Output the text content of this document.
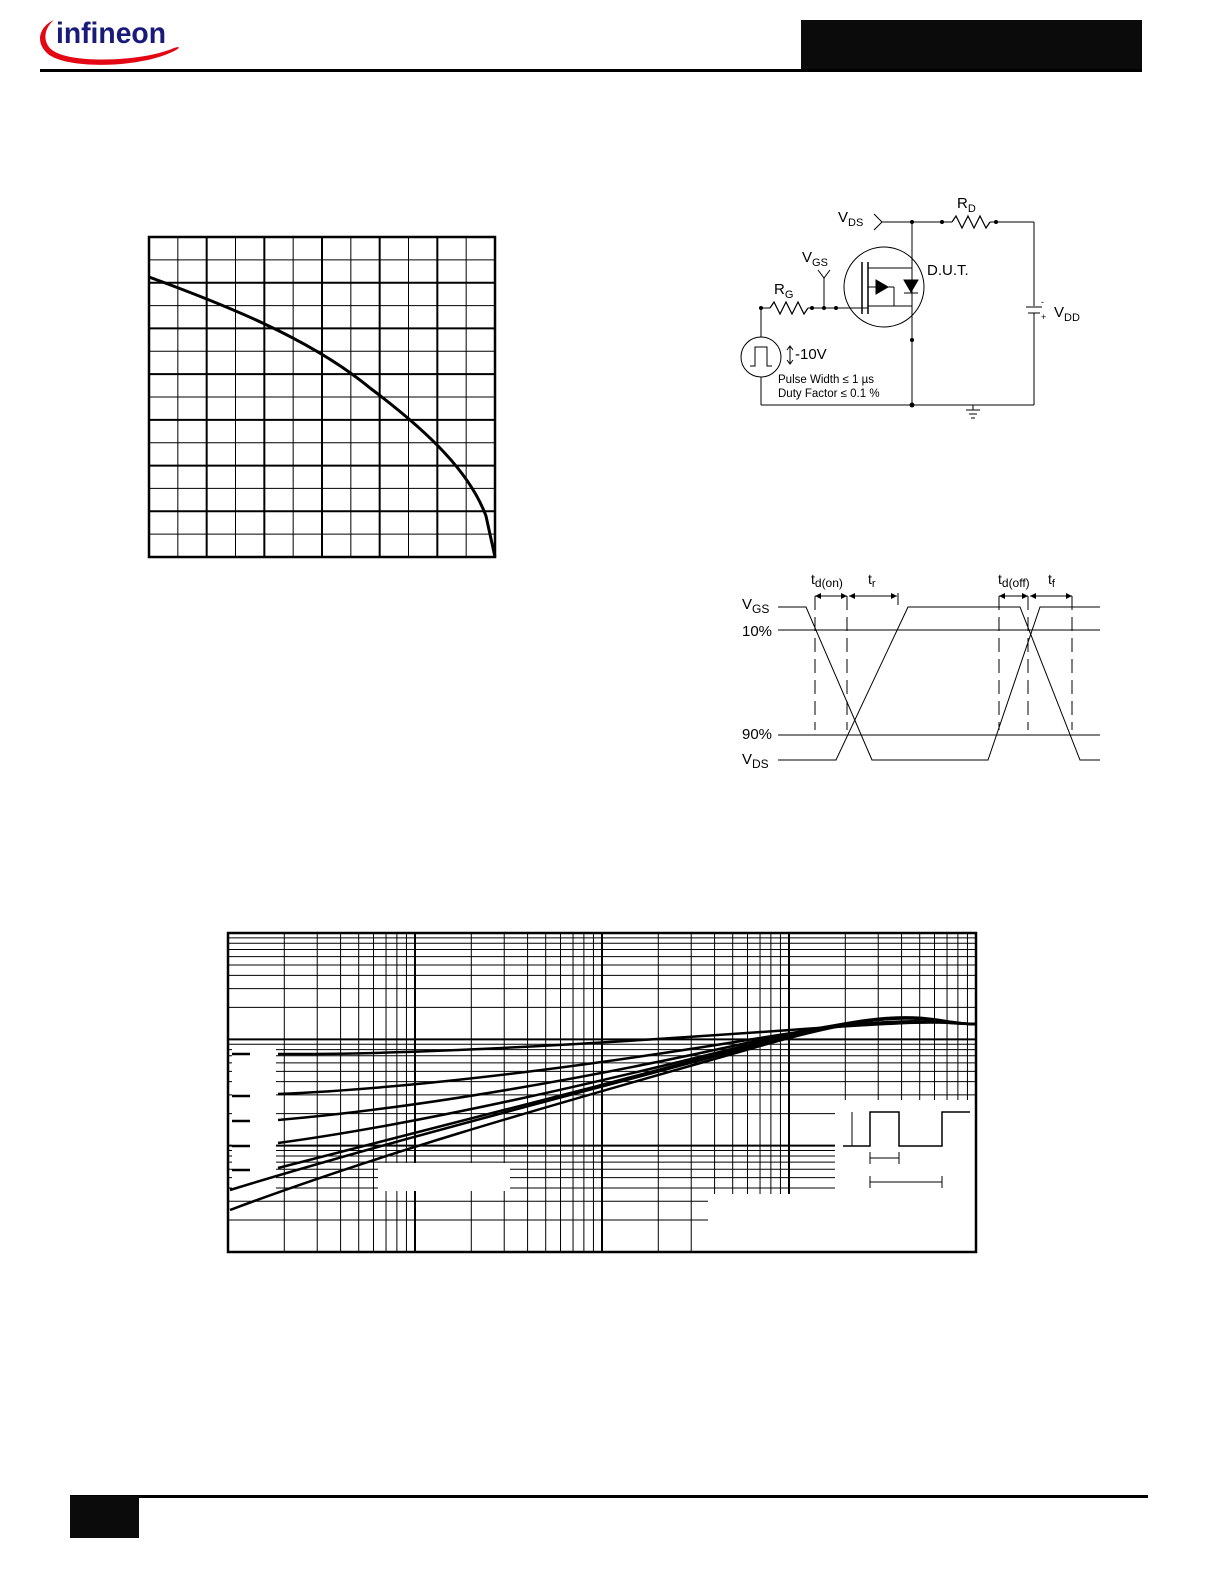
infineon
$R_D$
$V_{DS}$
$V_{GS}$
$R_G$
D.U.T.
$V_{DD}$
-10V
-
+
Pulse Width ≤ 1 µs
Duty Factor ≤ 0.1 %
td(on) $t_r$	td(off) $t_f$
$V_{GS}$
10%
90%
$V_{DS}$
